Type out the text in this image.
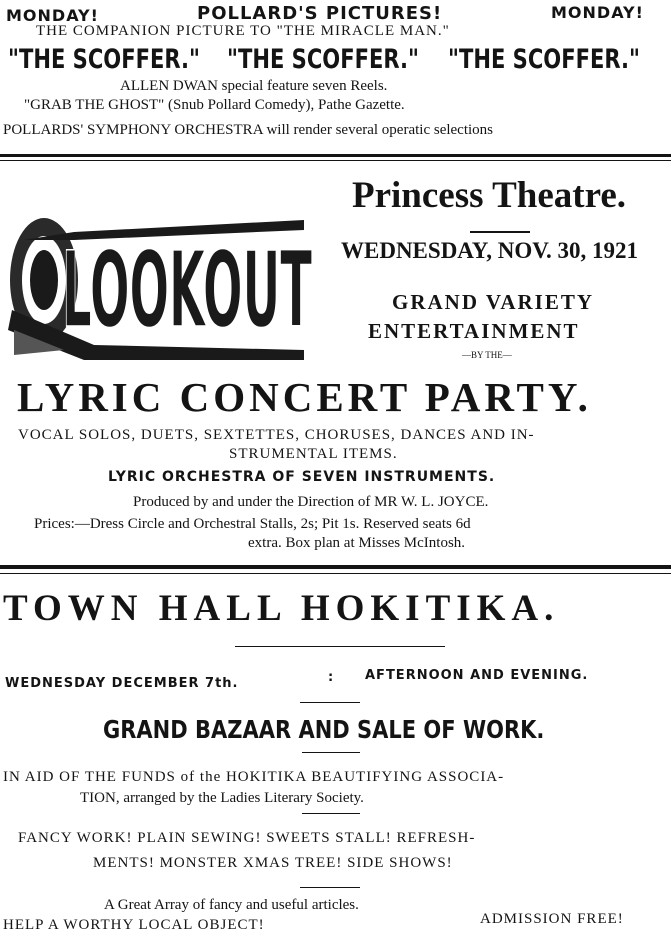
MONDAY!	POLLARD'S PICTURES!	MONDAY!
THE COMPANION PICTURE TO "THE MIRACLE MAN."
"THE SCOFFER." "THE SCOFFER." "THE SCOFFER."
ALLEN DWAN special feature seven Reels.
"GRAB THE GHOST" (Snub Pollard Comedy), Pathe Gazette.
POLLARDS' SYMPHONY ORCHESTRA will render several operatic selections
LOOKOUT
Princess Theatre.
WEDNESDAY, NOV. 30, 1921
GRAND VARIETY
ENTERTAINMENT
—BY THE—
LYRIC CONCERT PARTY.
VOCAL SOLOS, DUETS, SEXTETTES, CHORUSES, DANCES AND IN-
STRUMENTAL ITEMS.
LYRIC ORCHESTRA OF SEVEN INSTRUMENTS.
Produced by and under the Direction of MR W. L. JOYCE.
Prices:—Dress Circle and Orchestral Stalls, 2s; Pit 1s. Reserved seats 6d
extra. Box plan at Misses McIntosh.
TOWN HALL HOKITIKA.
WEDNESDAY DECEMBER 7th.	: AFTERNOON AND EVENING.
GRAND BAZAAR AND SALE OF WORK.
IN AID OF THE FUNDS of the HOKITIKA BEAUTIFYING ASSOCIA-
TION, arranged by the Ladies Literary Society.
FANCY WORK! PLAIN SEWING! SWEETS STALL! REFRESH-
MENTS! MONSTER XMAS TREE! SIDE SHOWS!
A Great Array of fancy and useful articles.
HELP A WORTHY LOCAL OBJECT!	ADMISSION FREE!
